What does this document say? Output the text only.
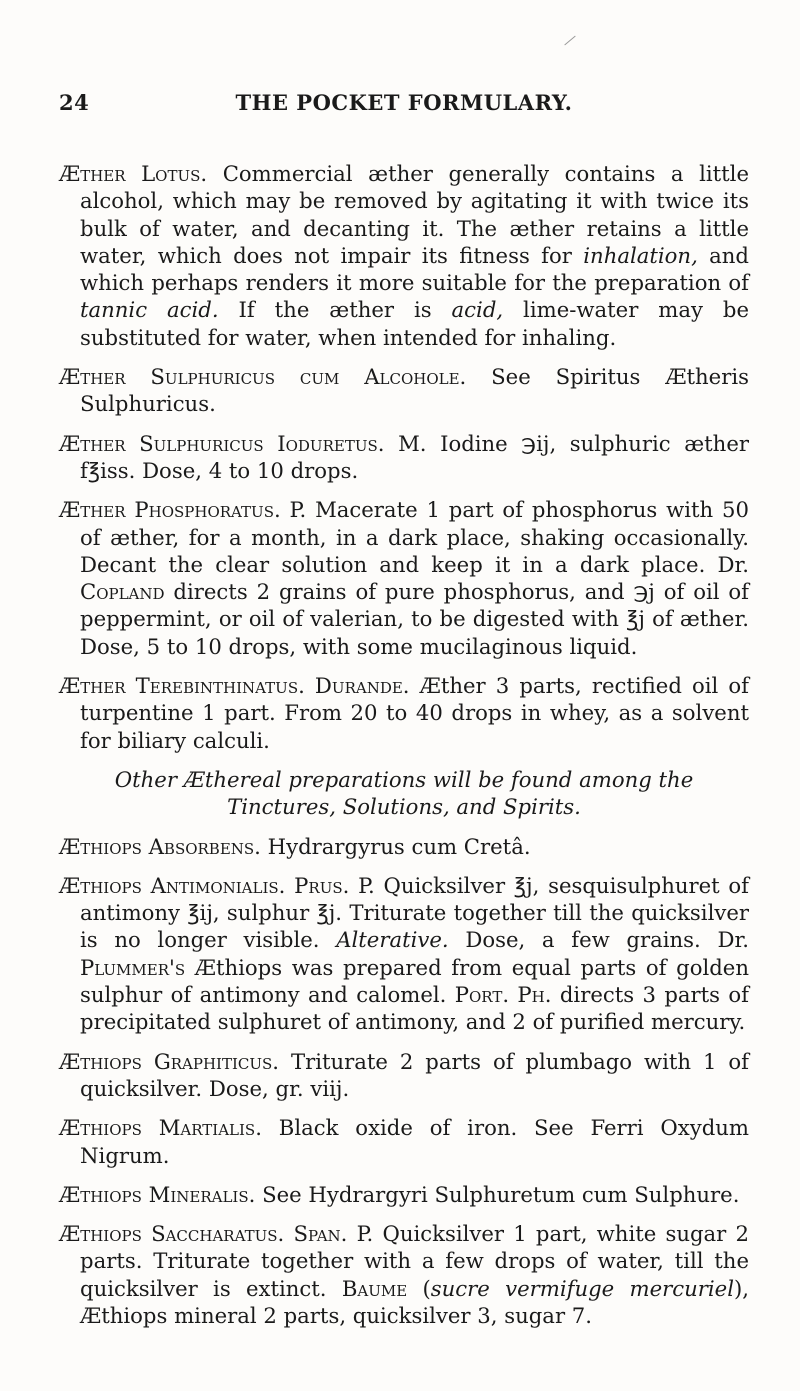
THE POCKET FORMULARY.
24

Æther Lotus. Commercial æther generally contains a little alcohol, which may be removed by agitating it with twice its bulk of water, and decanting it. The æther retains a little water, which does not impair its fitness for inhalation, and which perhaps renders it more suitable for the preparation of tannic acid. If the æther is acid, lime-water may be substituted for water, when intended for inhaling.

Æther Sulphuricus cum Alcohole. See Spiritus Ætheris Sulphuricus.

Æther Sulphuricus Ioduretus. M. Iodine ℈ij, sulphuric æther f℥iss. Dose, 4 to 10 drops.

Æther Phosphoratus. P. Macerate 1 part of phosphorus with 50 of æther, for a month, in a dark place, shaking occasionally. Decant the clear solution and keep it in a dark place. Dr. Copland directs 2 grains of pure phosphorus, and ℈j of oil of peppermint, or oil of valerian, to be digested with ℥j of æther. Dose, 5 to 10 drops, with some mucilaginous liquid.

Æther Terebinthinatus. Durande. Æther 3 parts, rectified oil of turpentine 1 part. From 20 to 40 drops in whey, as a solvent for biliary calculi.

Other Æthereal preparations will be found among the Tinctures, Solutions, and Spirits.

Æthiops Absorbens. Hydrargyrus cum Cretâ.

Æthiops Antimonialis. Prus. P. Quicksilver ℥j, sesquisulphuret of antimony ℥ij, sulphur ℥j. Triturate together till the quicksilver is no longer visible. Alterative. Dose, a few grains. Dr. Plummer's Æthiops was prepared from equal parts of golden sulphur of antimony and calomel. Port. Ph. directs 3 parts of precipitated sulphuret of antimony, and 2 of purified mercury.

Æthiops Graphiticus. Triturate 2 parts of plumbago with 1 of quicksilver. Dose, gr. viij.

Æthiops Martialis. Black oxide of iron. See Ferri Oxydum Nigrum.

Æthiops Mineralis. See Hydrargyri Sulphuretum cum Sulphure.

Æthiops Saccharatus. Span. P. Quicksilver 1 part, white sugar 2 parts. Triturate together with a few drops of water, till the quicksilver is extinct. Baume (sucre vermifuge mercuriel), Æthiops mineral 2 parts, quicksilver 3, sugar 7.
